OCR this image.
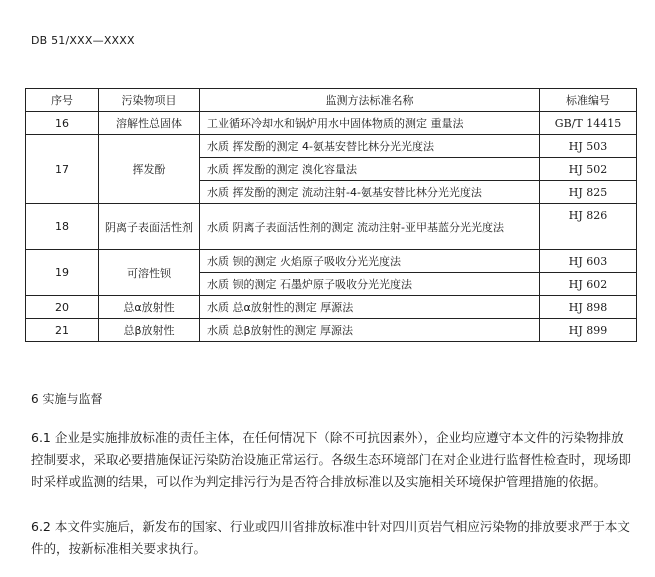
DB 51/XXX—XXXX
序号	污染物项目	监测方法标准名称	标准编号
16	溶解性总固体	工业循环冷却水和锅炉用水中固体物质的测定 重量法	GB/T 14415
17	挥发酚	水质 挥发酚的测定 4-氨基安替比林分光光度法	HJ 503
		水质 挥发酚的测定 溴化容量法	HJ 502
		水质 挥发酚的测定 流动注射-4-氨基安替比林分光光度法	HJ 825
18	阴离子表面活性剂	水质 阴离子表面活性剂的测定 流动注射-亚甲基蓝分光光度法	HJ 826
19	可溶性钡	水质 钡的测定 火焰原子吸收分光光度法	HJ 603
		水质 钡的测定 石墨炉原子吸收分光光度法	HJ 602
20	总α放射性	水质 总α放射性的测定 厚源法	HJ 898
21	总β放射性	水质 总β放射性的测定 厚源法	HJ 899
6 实施与监督
6.1 企业是实施排放标准的责任主体，在任何情况下（除不可抗因素外），企业均应遵守本文件的污染物排放控制要求，采取必要措施保证污染防治设施正常运行。各级生态环境部门在对企业进行监督性检查时，现场即时采样或监测的结果，可以作为判定排污行为是否符合排放标准以及实施相关环境保护管理措施的依据。
6.2 本文件实施后，新发布的国家、行业或四川省排放标准中针对四川页岩气相应污染物的排放要求严于本文件的，按新标准相关要求执行。
